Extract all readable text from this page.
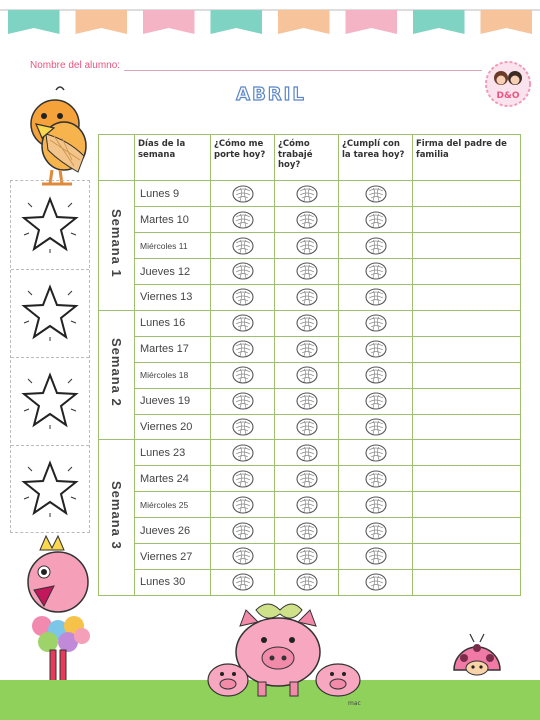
Nombre del alumno:
D&O
ABRIL
	Días de la semana	¿Cómo me porte hoy?	¿Cómo trabajé hoy?	¿Cumplí con la tarea hoy?	Firma del padre de familia
Semana 1	Lunes 9				
	Martes 10				
	Miércoles 11				
	Jueves 12				
	Viernes 13				
Semana 2	Lunes 16				
	Martes 17				
	Miércoles 18				
	Jueves 19				
	Viernes 20				
Semana 3	Lunes 23				
	Martes 24				
	Miércoles 25				
	Jueves 26				
	Viernes 27				
	Lunes 30				
mac
